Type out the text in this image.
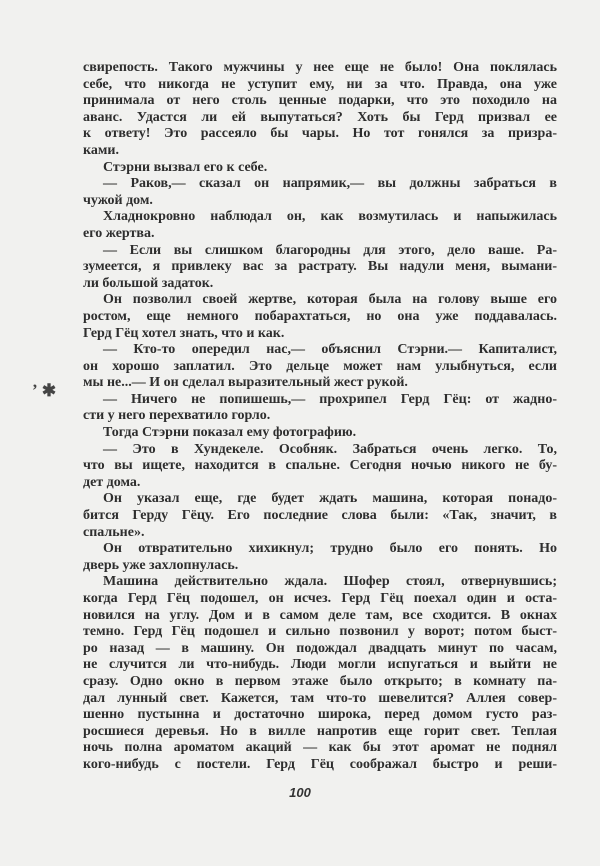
свирепость. Такого мужчины у нее еще не было! Она поклялась
себе, что никогда не уступит ему, ни за что. Правда, она уже
принимала от него столь ценные подарки, что это походило на
аванс. Удастся ли ей выпутаться? Хоть бы Герд призвал ее
к ответу! Это рассеяло бы чары. Но тот гонялся за призра-
ками.
Стэрни вызвал его к себе.
— Раков,— сказал он напрямик,— вы должны забраться в
чужой дом.
Хладнокровно наблюдал он, как возмутилась и напыжилась
его жертва.
— Если вы слишком благородны для этого, дело ваше. Ра-
зумеется, я привлеку вас за растрату. Вы надули меня, вымани-
ли большой задаток.
Он позволил своей жертве, которая была на голову выше его
ростом, еще немного побарахтаться, но она уже поддавалась.
Герд Гёц хотел знать, что и как.
— Кто-то опередил нас,— объяснил Стэрни.— Капиталист,
он хорошо заплатил. Это дельце может нам улыбнуться, если
мы не...— И он сделал выразительный жест рукой.
— Ничего не попишешь,— прохрипел Герд Гёц: от жадно-
сти у него перехватило горло.
Тогда Стэрни показал ему фотографию.
— Это в Хундекеле. Особняк. Забраться очень легко. То,
что вы ищете, находится в спальне. Сегодня ночью никого не бу-
дет дома.
Он указал еще, где будет ждать машина, которая понадо-
бится Герду Гёцу. Его последние слова были: «Так, значит, в
спальне».
Он отвратительно хихикнул; трудно было его понять. Но
дверь уже захлопнулась.
Машина действительно ждала. Шофер стоял, отвернувшись;
когда Герд Гёц подошел, он исчез. Герд Гёц поехал один и оста-
новился на углу. Дом и в самом деле там, все сходится. В окнах
темно. Герд Гёц подошел и сильно позвонил у ворот; потом быст-
ро назад — в машину. Он подождал двадцать минут по часам,
не случится ли что-нибудь. Люди могли испугаться и выйти не
сразу. Одно окно в первом этаже было открыто; в комнату па-
дал лунный свет. Кажется, там что-то шевелится? Аллея совер-
шенно пустынна и достаточно широка, перед домом густо раз-
росшиеся деревья. Но в вилле напротив еще горит свет. Теплая
ночь полна ароматом акаций — как бы этот аромат не поднял
кого-нибудь с постели. Герд Гёц соображал быстро и реши-
ʼ ✱
100
